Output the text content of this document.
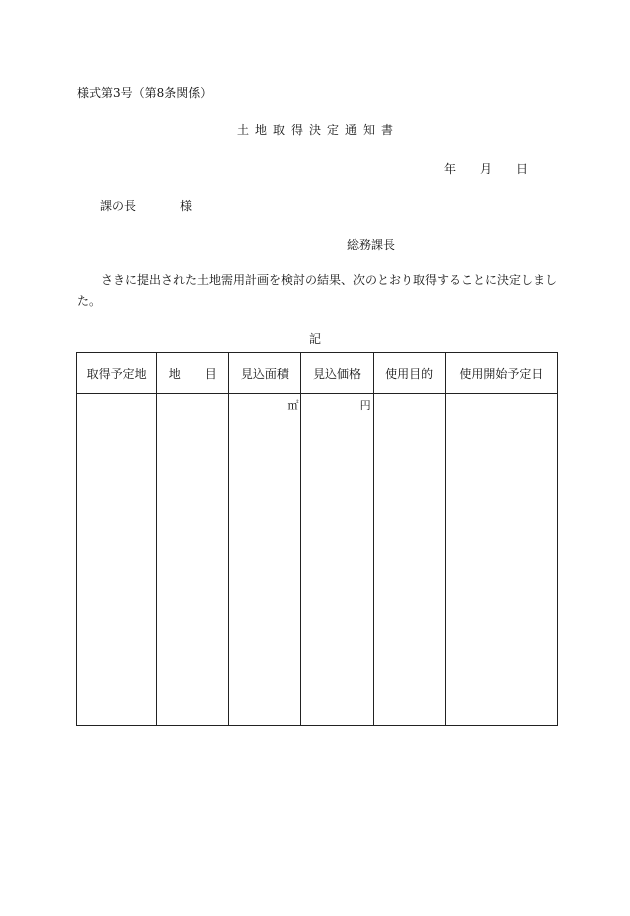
様式第3号（第8条関係）
土地取得決定通知書
年 月 日
課の長	様
総務課長
さきに提出された土地需用計画を検討の結果、次のとおり取得することに決定しました。
記
取得予定地	地　　目	見込面積	見込価格	使用目的	使用開始予定日
		㎡	円		
